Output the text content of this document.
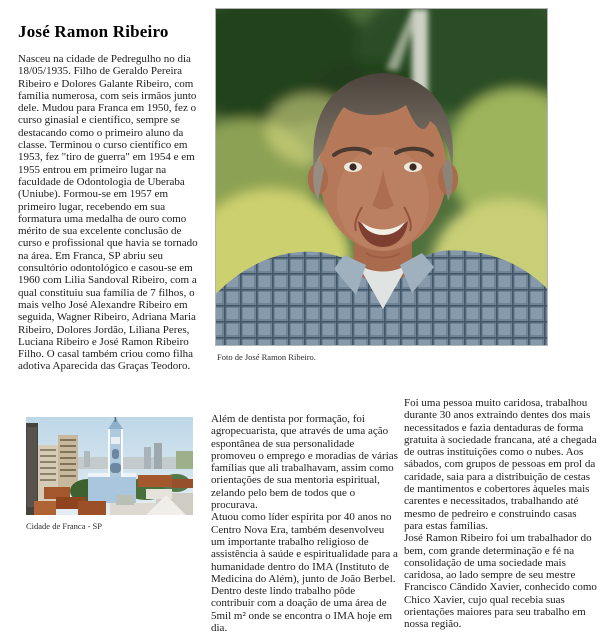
José Ramon Ribeiro

Nasceu na cidade de Pedregulho no dia 18/05/1935. Filho de Geraldo Pereira Ribeiro e Dolores Galante Ribeiro, com família numerosa, com seis irmãos junto dele. Mudou para Franca em 1950, fez o curso ginasial e científico, sempre se destacando como o primeiro aluno da classe. Terminou o curso científico em 1953, fez "tiro de guerra" em 1954 e em 1955 entrou em primeiro lugar na faculdade de Odontologia de Uberaba (Uniube). Formou-se em 1957 em primeiro lugar, recebendo em sua formatura uma medalha de ouro como mérito de sua excelente conclusão de curso e profissional que havia se tornado na área. Em Franca, SP abriu seu consultório odontológico e casou-se em 1960 com Lilia Sandoval Ribeiro, com a qual constituiu sua família de 7 filhos, o mais velho José Alexandre Ribeiro em seguida, Wagner Ribeiro, Adriana Maria Ribeiro, Dolores Jordão, Liliana Peres, Luciana Ribeiro e José Ramon Ribeiro Filho. O casal também criou como filha adotiva Aparecida das Graças Teodoro.

Foto de José Ramon Ribeiro.
Cidade de Franca - SP

Além de dentista por formação, foi agropecuarista, que através de uma ação espontânea de sua personalidade promoveu o emprego e moradias de várias famílias que ali trabalhavam, assim como orientações de sua mentoria espiritual, zelando pelo bem de todos que o procurava.

Atuou como líder espírita por 40 anos no Centro Nova Era, também desenvolveu um importante trabalho religioso de assistência à saúde e espiritualidade para a humanidade dentro do IMA (Instituto de Medicina do Além), junto de João Berbel. Dentro deste lindo trabalho pôde contribuir com a doação de uma área de 5mil m² onde se encontra o IMA hoje em dia.

Foi uma pessoa muito caridosa, trabalhou durante 30 anos extraindo dentes dos mais necessitados e fazia dentaduras de forma gratuita à sociedade francana, até a chegada de outras instituições como o nubes. Aos sábados, com grupos de pessoas em prol da caridade, saia para a distribuição de cestas de mantimentos e cobertores àqueles mais carentes e necessitados, trabalhando até mesmo de pedreiro e construindo casas para estas famílias.

José Ramon Ribeiro foi um trabalhador do bem, com grande determinação e fé na consolidação de uma sociedade mais caridosa, ao lado sempre de seu mestre Francisco Cândido Xavier, conhecido como Chico Xavier, cujo qual recebia suas orientações maiores para seu trabalho em nossa região.
